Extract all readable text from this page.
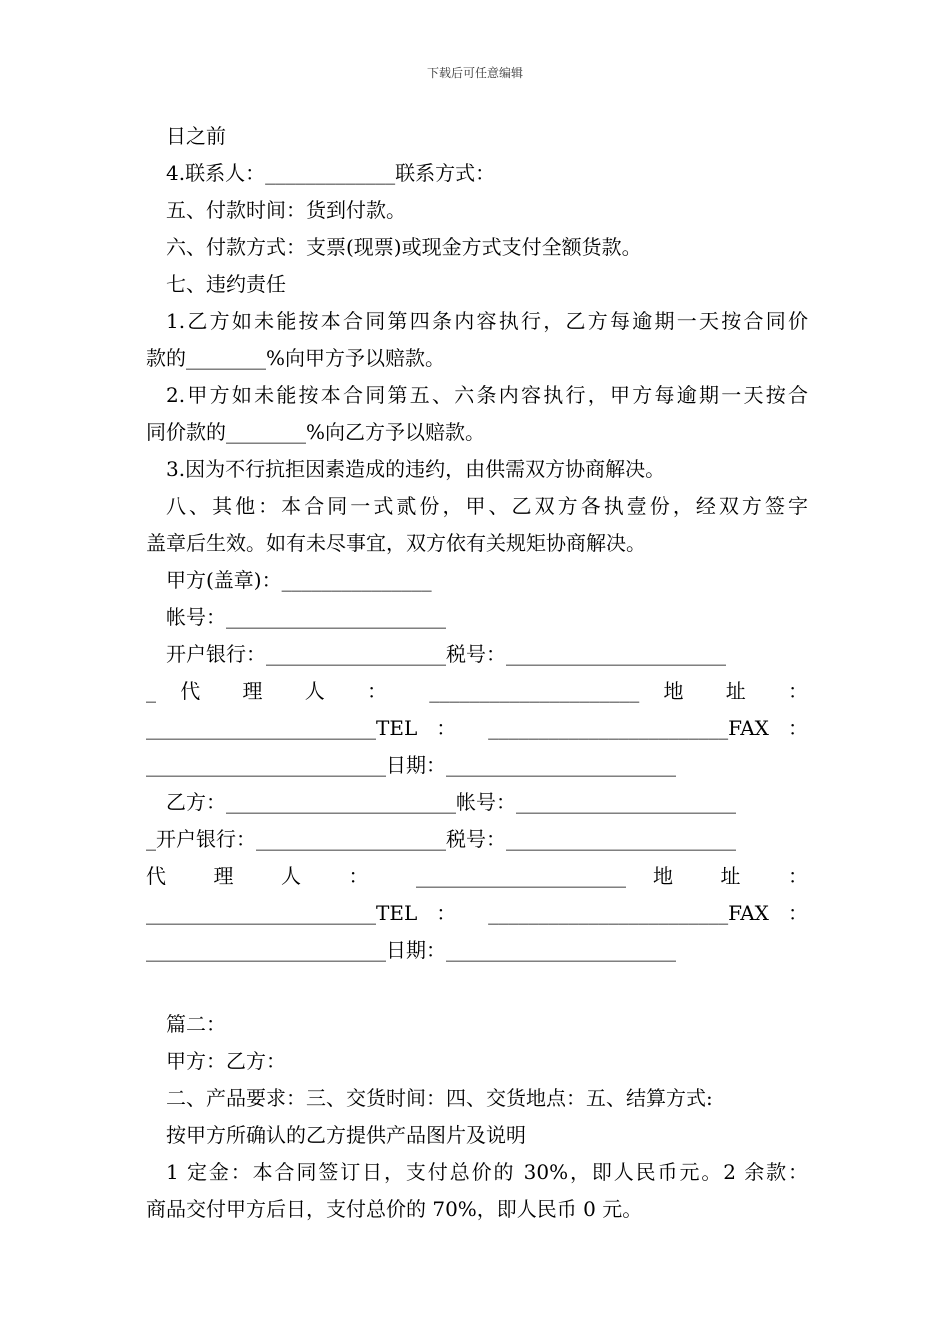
下载后可任意编辑
日之前
4.联系人：_____________联系方式：
五、付款时间：货到付款。
六、付款方式：支票(现票)或现金方式支付全额货款。
七、违约责任
1.乙方如未能按本合同第四条内容执行，乙方每逾期一天按合同价
款的________%向甲方予以赔款。
2.甲方如未能按本合同第五、六条内容执行，甲方每逾期一天按合
同价款的________%向乙方予以赔款。
3.因为不行抗拒因素造成的违约，由供需双方协商解决。
八、其他：本合同一式贰份，甲、乙双方各执壹份，经双方签字
盖章后生效。如有未尽事宜，双方依有关规矩协商解决。
甲方(盖章)：_______________
帐号：______________________
开户银行：__________________税号：______________________
_ 代 理 人 ： _____________________ 地 址 ：
_______________________TEL ： ________________________FAX ：
________________________日期：_______________________
乙方：_______________________帐号：______________________
_开户银行：___________________税号：_______________________
代 理 人 ： _____________________ 地 址 ：
_______________________TEL ： ________________________FAX ：
________________________日期：_______________________
篇二：
甲方：乙方：
二、产品要求：三、交货时间：四、交货地点：五、结算方式:
按甲方所确认的乙方提供产品图片及说明
1 定金：本合同签订日，支付总价的 30%，即人民币元。2 余款：
商品交付甲方后日，支付总价的 70%，即人民币 0 元。
